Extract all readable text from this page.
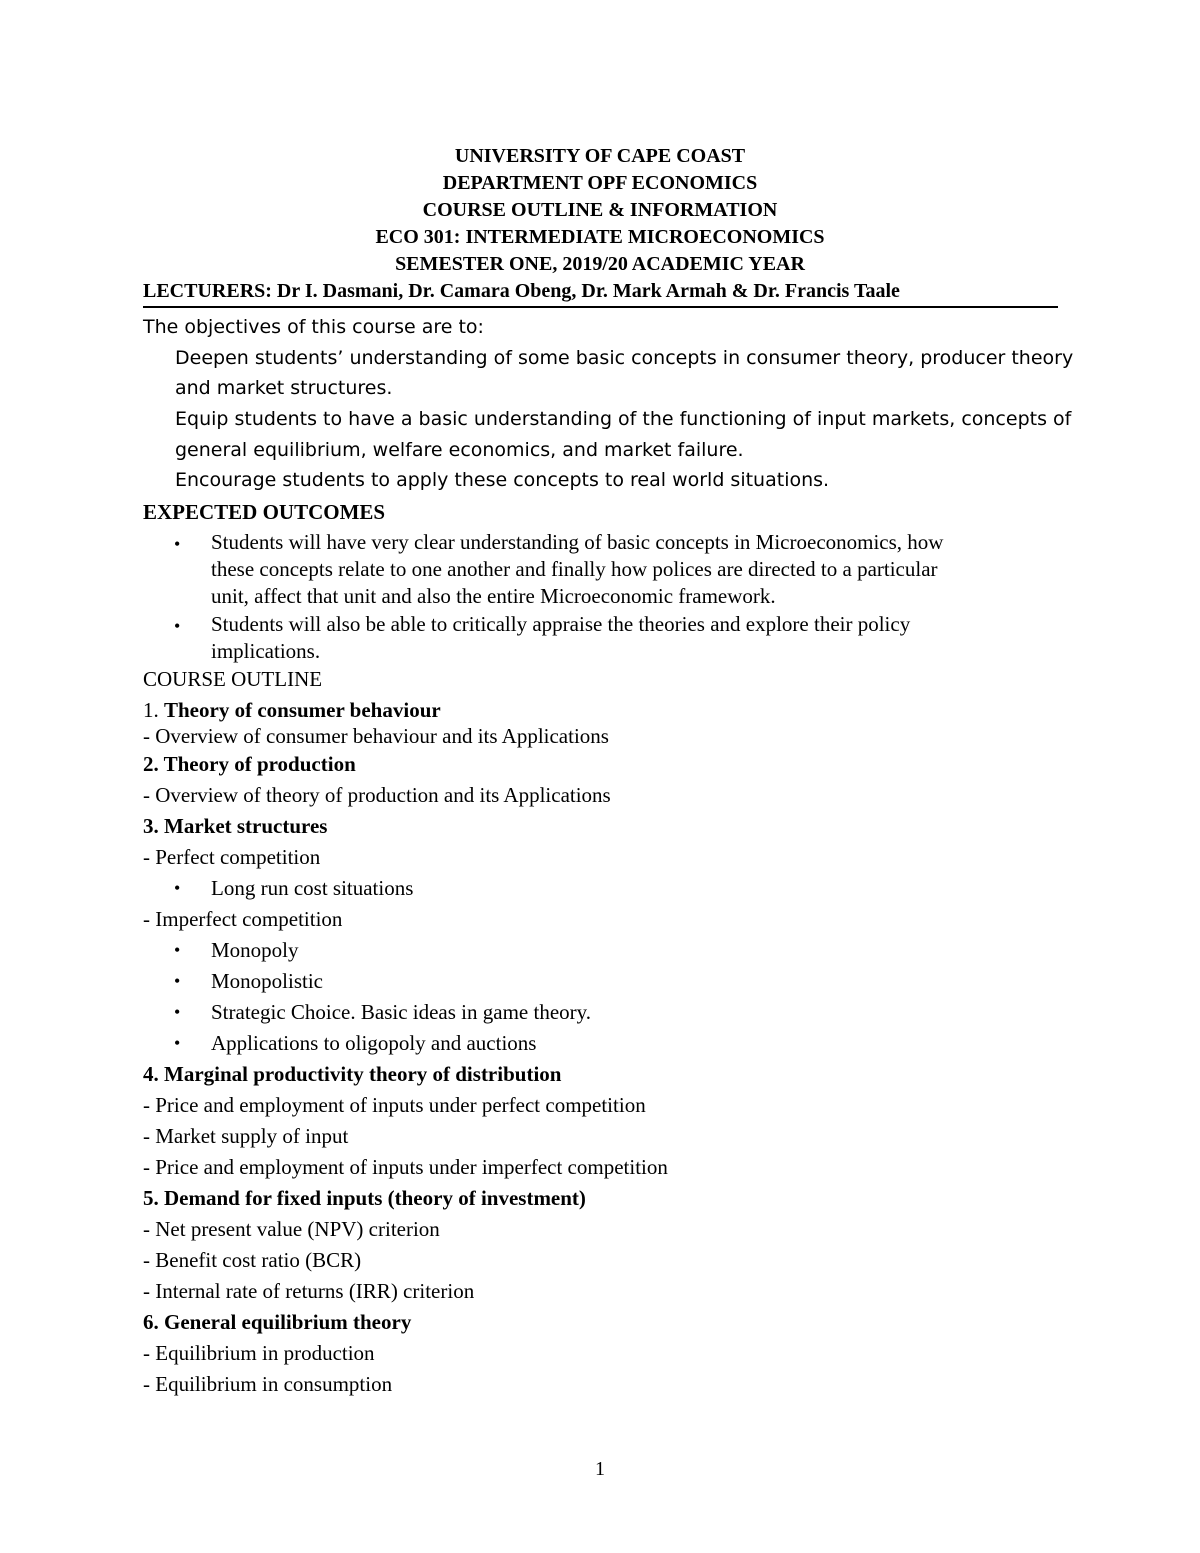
UNIVERSITY OF CAPE COAST
DEPARTMENT OPF ECONOMICS
COURSE OUTLINE & INFORMATION
ECO 301: INTERMEDIATE MICROECONOMICS
SEMESTER ONE, 2019/20 ACADEMIC YEAR
LECTURERS: Dr I. Dasmani, Dr. Camara Obeng, Dr. Mark Armah & Dr. Francis Taale
The objectives of this course are to:
Deepen students’ understanding of some basic concepts in consumer theory, producer theory
and market structures.
Equip students to have a basic understanding of the functioning of input markets, concepts of
general equilibrium, welfare economics, and market failure.
Encourage students to apply these concepts to real world situations.
EXPECTED OUTCOMES
• Students will have very clear understanding of basic concepts in Microeconomics, how
these concepts relate to one another and finally how polices are directed to a particular
unit, affect that unit and also the entire Microeconomic framework.
• Students will also be able to critically appraise the theories and explore their policy
implications.
COURSE OUTLINE
1. Theory of consumer behaviour
- Overview of consumer behaviour and its Applications
2. Theory of production
- Overview of theory of production and its Applications
3. Market structures
- Perfect competition
• Long run cost situations
- Imperfect competition
• Monopoly
• Monopolistic
• Strategic Choice. Basic ideas in game theory.
• Applications to oligopoly and auctions
4. Marginal productivity theory of distribution
- Price and employment of inputs under perfect competition
- Market supply of input
- Price and employment of inputs under imperfect competition
5. Demand for fixed inputs (theory of investment)
- Net present value (NPV) criterion
- Benefit cost ratio (BCR)
- Internal rate of returns (IRR) criterion
6. General equilibrium theory
- Equilibrium in production
- Equilibrium in consumption
1
